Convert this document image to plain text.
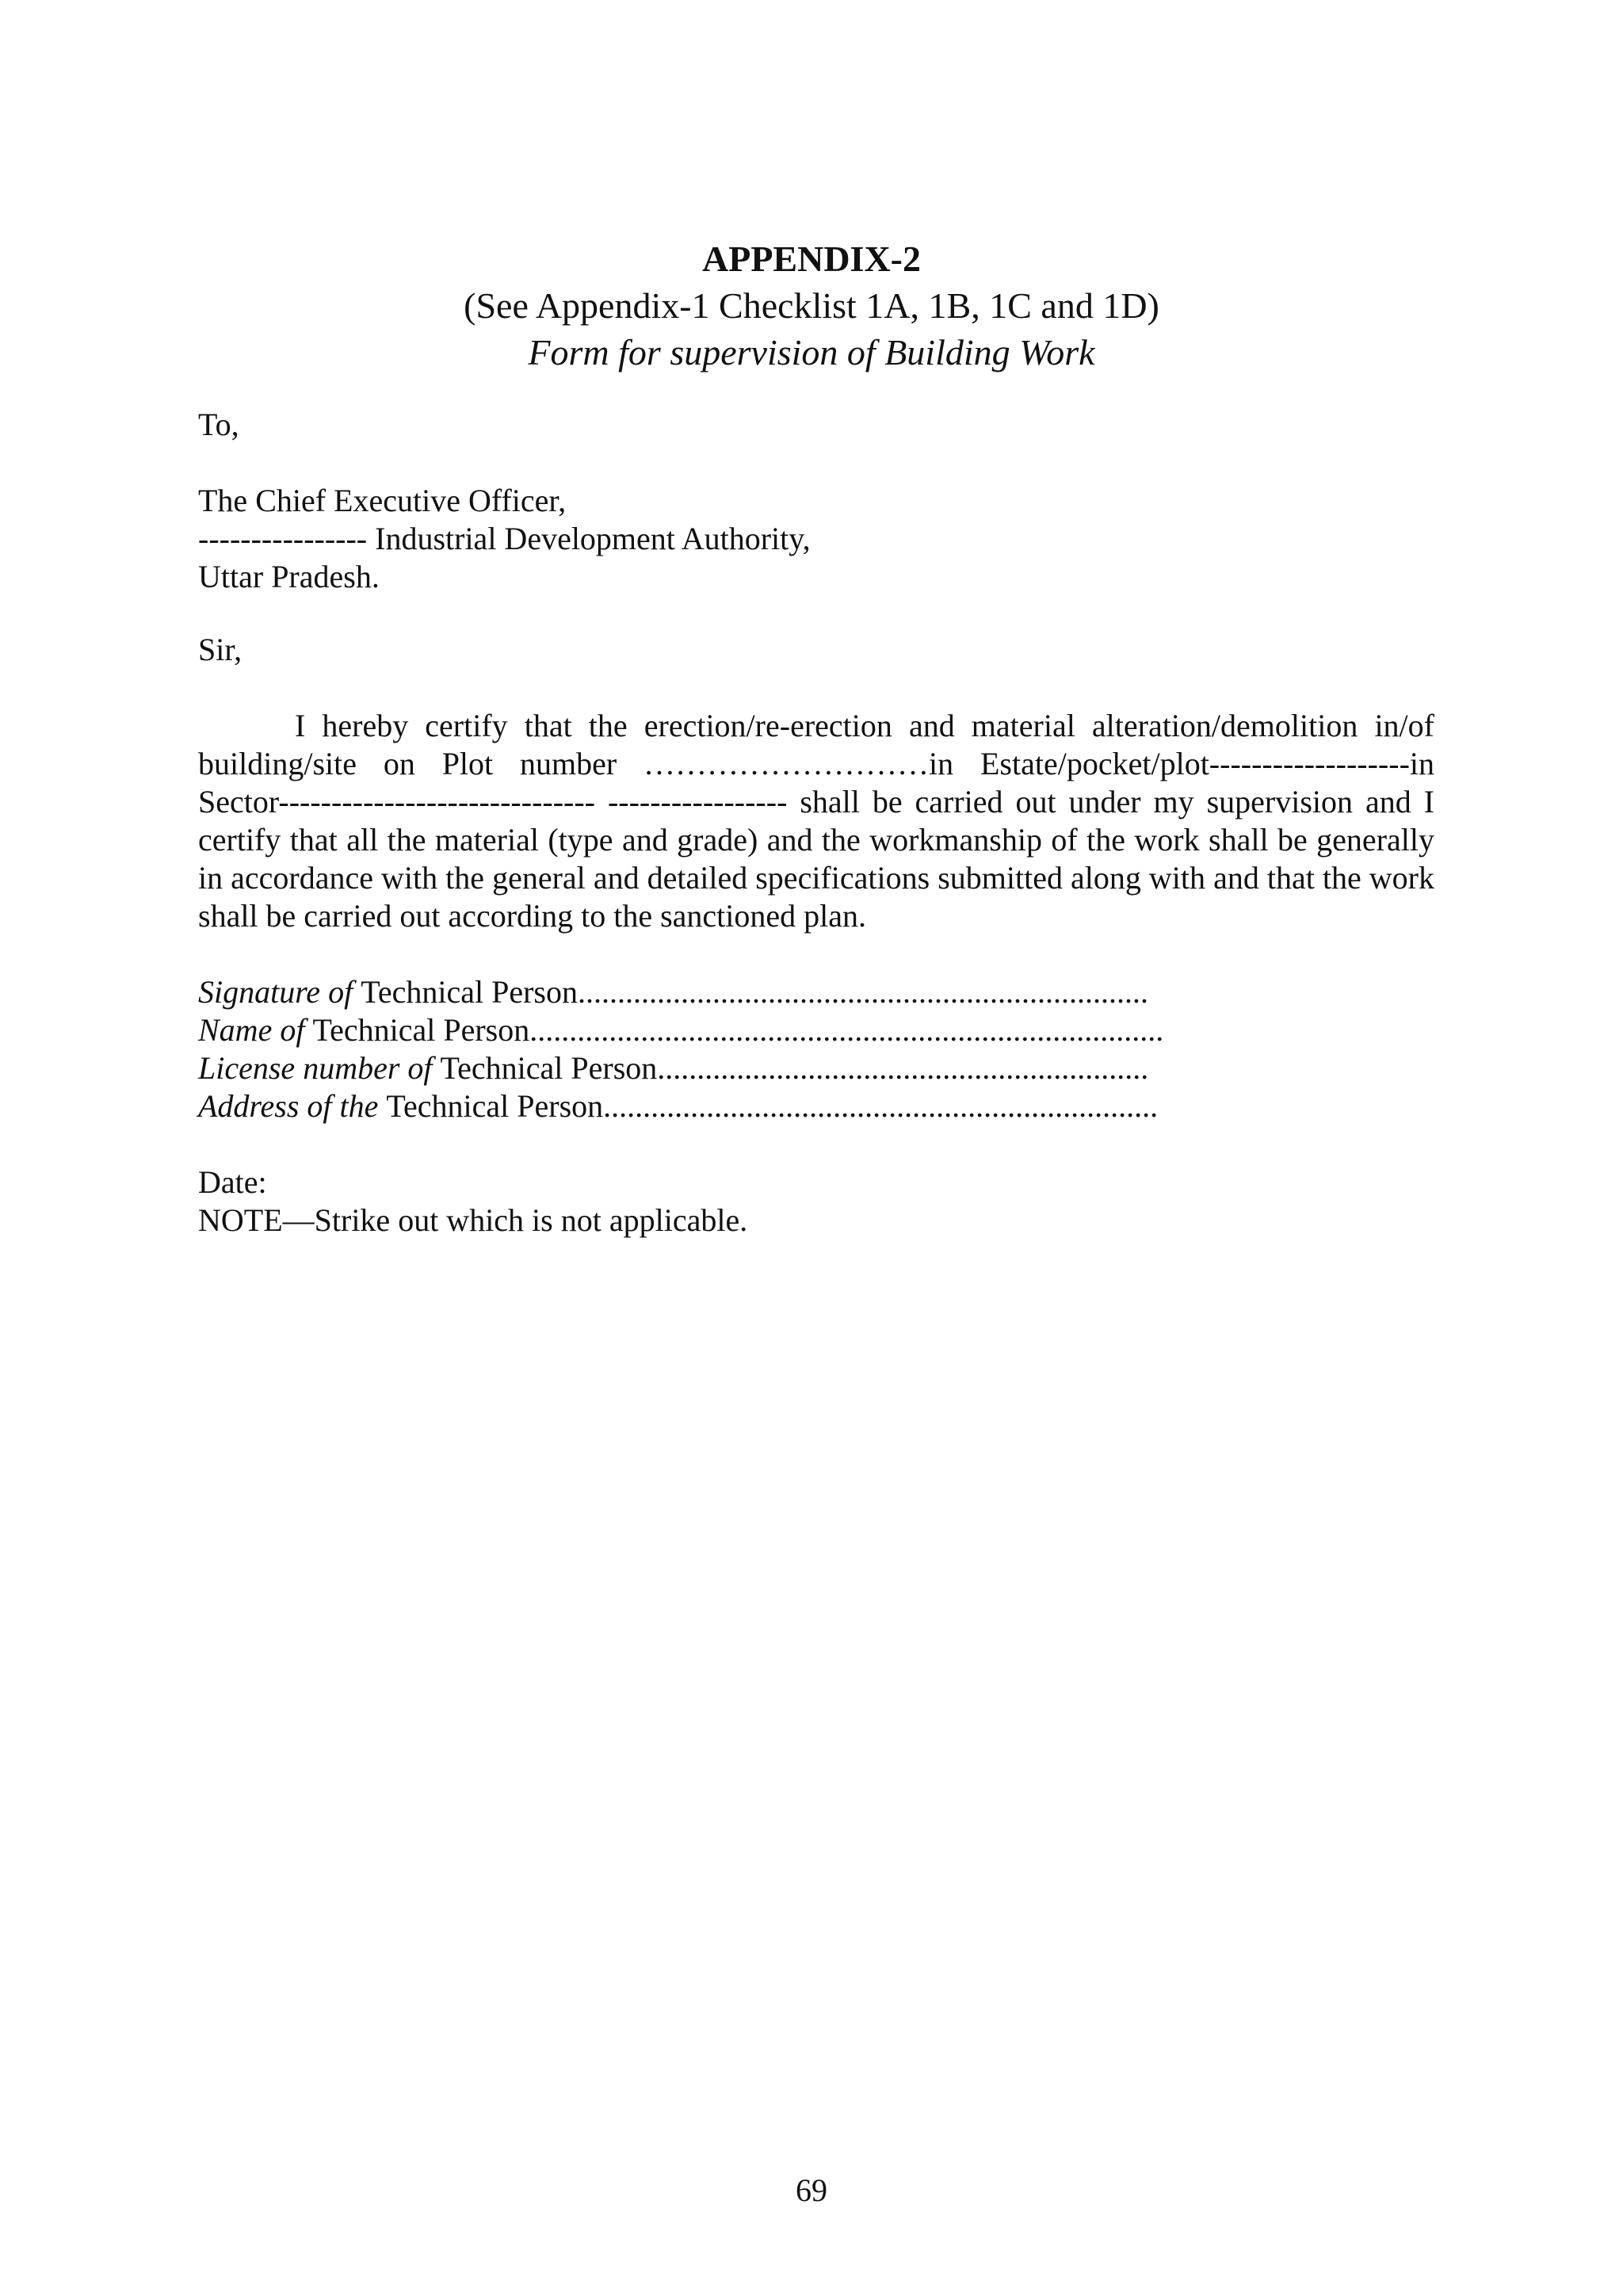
APPENDIX-2

(See Appendix-1 Checklist 1A, 1B, 1C and 1D)

Form for supervision of Building Work

To,
The Chief Executive Officer,
---------------- Industrial Development Authority,
Uttar Pradesh.
Sir,
I hereby certify that the erection/re-erection and material alteration/demolition in/of building/site on Plot number ………………………in Estate/pocket/plot-------------------in Sector------------------------------ ----------------- shall be carried out under my supervision and I certify that all the material (type and grade) and the workmanship of the work shall be generally in accordance with the general and detailed specifications submitted along with and that the work shall be carried out according to the sanctioned plan.
Signature of Technical Person........................................................................
Name of Technical Person................................................................................
License number of Technical Person..............................................................
Address of the Technical Person......................................................................
Date:
NOTE—Strike out which is not applicable.
69
